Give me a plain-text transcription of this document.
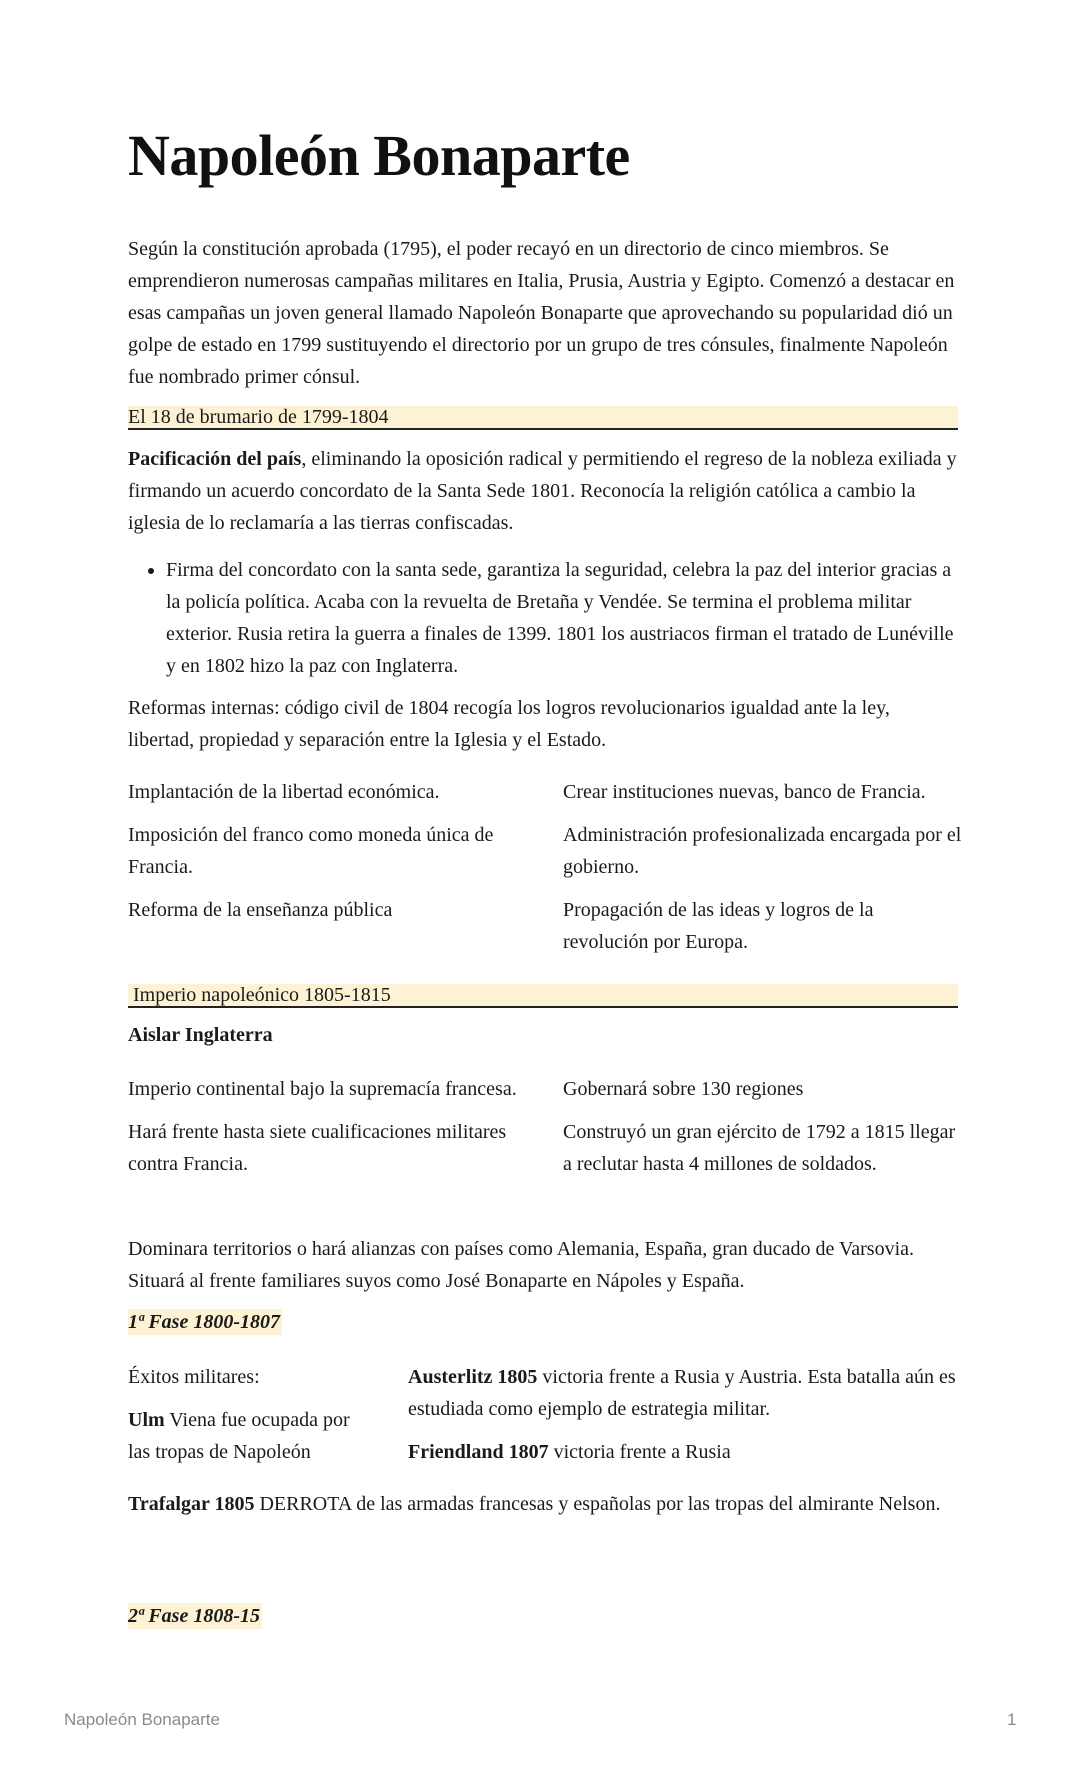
Napoleón Bonaparte

Según la constitución aprobada (1795), el poder recayó en un directorio de cinco miembros. Se emprendieron numerosas campañas militares en Italia, Prusia, Austria y Egipto. Comenzó a destacar en esas campañas un joven general llamado Napoleón Bonaparte que aprovechando su popularidad dió un golpe de estado en 1799 sustituyendo el directorio por un grupo de tres cónsules, finalmente Napoleón fue nombrado primer cónsul.

El 18 de brumario de 1799-1804

Pacificación del país, eliminando la oposición radical y permitiendo el regreso de la nobleza exiliada y firmando un acuerdo concordato de la Santa Sede 1801. Reconocía la religión católica a cambio la iglesia de lo reclamaría a las tierras confiscadas.

• Firma del concordato con la santa sede, garantiza la seguridad, celebra la paz del interior gracias a la policía política. Acaba con la revuelta de Bretaña y Vendée. Se termina el problema militar exterior. Rusia retira la guerra a finales de 1399. 1801 los austriacos firman el tratado de Lunéville y en 1802 hizo la paz con Inglaterra.

Reformas internas: código civil de 1804 recogía los logros revolucionarios igualdad ante la ley, libertad, propiedad y separación entre la Iglesia y el Estado.

Implantación de la libertad económica.

Imposición del franco como moneda única de Francia.

Reforma de la enseñanza pública

Crear instituciones nuevas, banco de Francia.

Administración profesionalizada encargada por el gobierno.

Propagación de las ideas y logros de la revolución por Europa.

Imperio napoleónico 1805-1815

Aislar Inglaterra

Imperio continental bajo la supremacía francesa.

Hará frente hasta siete cualificaciones militares contra Francia.

Gobernará sobre 130 regiones

Construyó un gran ejército de 1792 a 1815 llegar a reclutar hasta 4 millones de soldados.

Dominara territorios o hará alianzas con países como Alemania, España, gran ducado de Varsovia. Situará al frente familiares suyos como José Bonaparte en Nápoles y España.

1ª Fase 1800-1807

Éxitos militares:

Ulm Viena fue ocupada por las tropas de Napoleón

Austerlitz 1805 victoria frente a Rusia y Austria. Esta batalla aún es estudiada como ejemplo de estrategia militar.

Friendland 1807 victoria frente a Rusia

Trafalgar 1805 DERROTA de las armadas francesas y españolas por las tropas del almirante Nelson.

2ª Fase 1808-15
Napoleón Bonaparte	1
